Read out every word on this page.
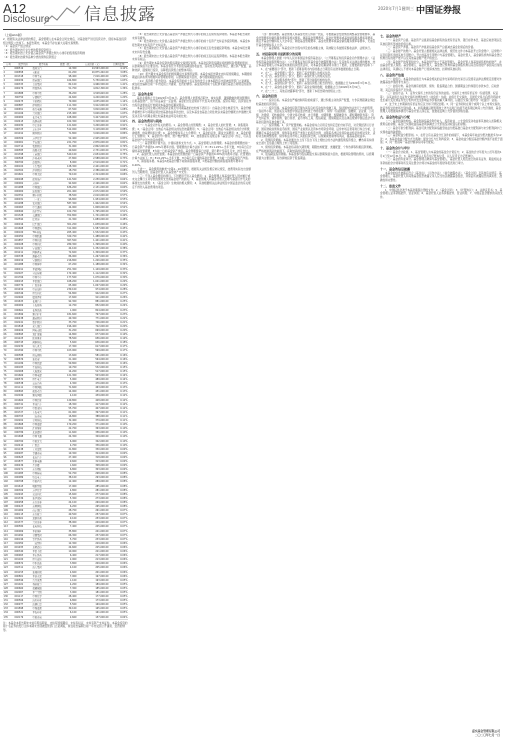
A12
Disclosure 信息披露	2020年7月1日
星期三 中国证券报
（上接A11版）

2、根据有关法律法规的规定，基金管理人在本基金合同生效后，对基金财产进行投资运作，现将本基金投资组合情况公告如下。本报告期内，本基金不存在重大关联交易情形。

（1）基金资产组合情况

（2）报告期末按行业分类的股票投资组合

（3）报告期末按公允价值占基金资产净值比例大小排序的股票投资明细

（4）报告期末按债券品种分类的债券投资组合

序号	股票代码	股票名称	数量（股）	公允价值（元）	占净值比例
1	600519	贵州茅台	12,300	14,563,200.00	4.12%
2	000858	五粮液	61,200	10,875,240.00	3.08%
3	601318	中国平安	98,400	7,016,400.00	1.99%
4	600036	招商银行	164,800	5,750,000.00	1.63%
5	000333	美的集团	82,100	4,966,500.00	1.41%
6	600276	恒瑞医药	51,700	4,812,300.00	1.36%
7	601888	中国中免	36,200	4,528,620.00	1.28%
8	300750	宁德时代	24,600	4,240,000.00	1.20%
9	002475	立讯精密	79,900	4,035,000.00	1.14%
10	600887	伊利股份	111,300	3,912,000.00	1.11%
11	000651	格力电器	67,500	3,810,000.00	1.08%
12	601166	兴业银行	215,400	3,626,000.00	1.03%
13	600900	长江电力	168,900	3,427,000.00	0.97%
14	002415	海康威视	102,300	3,318,500.00	0.94%
15	600030	中信证券	121,600	3,200,600.00	0.91%
16	000725	京东方A	512,000	3,118,000.00	0.88%
17	601012	隆基股份	71,800	3,026,000.00	0.86%
18	600309	万华化学	52,400	2,945,000.00	0.83%
19	000001	平安银行	221,700	2,876,000.00	0.81%
20	002714	牧原股份	31,900	2,802,000.00	0.79%
21	600585	海螺水泥	49,600	2,731,000.00	0.77%
22	601398	工商银行	540,100	2,654,000.00	0.75%
23	000568	泸州老窖	27,800	2,588,000.00	0.73%
24	300760	迈瑞医疗	8,900	2,519,000.00	0.71%
25	600104	上汽集团	128,300	2,441,000.00	0.69%
26	002304	洋河股份	18,700	2,386,000.00	0.68%
27	601601	中国太保	79,100	2,314,000.00	0.66%
28	600048	保利地产	141,500	2,250,000.00	0.64%
29	000002	万科A	92,600	2,196,000.00	0.62%
30	601988	中国银行	636,200	2,131,000.00	0.60%
31	600000	浦发银行	201,400	2,072,000.00	0.59%
32	002352	顺丰控股	38,500	2,010,000.00	0.57%
33	600031	三一重工	96,800	1,954,000.00	0.55%
34	601288	农业银行	587,300	1,902,000.00	0.54%
35	000063	中兴通讯	44,900	1,848,000.00	0.52%
36	600690	海尔智家	102,700	1,795,000.00	0.51%
37	601328	交通银行	352,800	1,741,000.00	0.49%
38	002594	比亚迪	21,300	1,689,000.00	0.48%
39	600016	民生银行	301,200	1,638,000.00	0.46%
40	601668	中国建筑	311,900	1,587,000.00	0.45%
41	000100	TCL科技	265,400	1,532,000.00	0.43%
42	600050	中国联通	329,700	1,488,000.00	0.42%
43	601857	中国石油	367,500	1,441,000.00	0.41%
44	600028	中国石化	289,300	1,398,000.00	0.40%
45	002142	宁波银行	44,100	1,352,000.00	0.38%
46	601211	国泰君安	72,600	1,309,000.00	0.37%
47	000338	潍柴动力	86,900	1,267,000.00	0.36%
48	600019	宝钢股份	216,800	1,226,000.00	0.35%
49	601088	中国神华	67,200	1,188,000.00	0.34%
50	600011	华能国际	251,300	1,149,000.00	0.33%
51	002027	分众传媒	172,400	1,112,000.00	0.32%
52	601766	中国中车	177,500	1,076,000.00	0.30%
53	600015	华夏银行	168,200	1,041,000.00	0.29%
54	000776	广发证券	65,900	1,007,000.00	0.29%
55	601919	中远海控	239,100	974,000.00	0.28%
56	600346	恒力石化	54,800	942,000.00	0.27%
57	002460	赣锋锂业	17,600	911,000.00	0.26%
58	601633	长城汽车	92,300	881,000.00	0.25%
59	600009	上海机场	12,700	852,000.00	0.24%
60	000661	长春高新	1,900	824,000.00	0.23%
61	601899	紫金矿业	181,600	797,000.00	0.23%
62	600438	通威股份	49,300	771,000.00	0.22%
63	002241	歌尔股份	33,700	746,000.00	0.21%
64	601818	光大银行	196,400	722,000.00	0.20%
65	600406	国电南瑞	31,200	699,000.00	0.20%
66	000895	双汇发展	14,800	677,000.00	0.19%
67	601225	陕西煤业	78,500	656,000.00	0.19%
68	600745	闻泰科技	5,600	636,000.00	0.18%
69	002230	科大讯飞	17,300	617,000.00	0.17%
70	601390	中国中铁	103,900	599,000.00	0.17%
71	600588	用友网络	13,600	581,000.00	0.16%
72	000876	新希望	21,400	564,000.00	0.16%
73	601186	中国铁建	59,800	548,000.00	0.16%
74	600183	生益科技	19,700	532,000.00	0.15%
75	002008	大族激光	14,200	517,000.00	0.15%
76	601669	中国电建	121,300	503,000.00	0.14%
77	600570	恒生电子	5,900	489,000.00	0.14%
78	000538	云南白药	4,300	476,000.00	0.13%
79	601111	中国国航	71,600	463,000.00	0.13%
80	600893	航发动力	14,900	451,000.00	0.13%
81	002049	紫光国微	4,100	439,000.00	0.12%
82	601600	中国铝业	129,800	428,000.00	0.12%
83	600741	华域汽车	18,300	417,000.00	0.12%
84	000157	中联重科	55,700	407,000.00	0.12%
85	601727	上海电气	61,900	397,000.00	0.11%
86	600703	三安光电	16,800	388,000.00	0.11%
87	002202	金风科技	32,400	379,000.00	0.11%
88	601868	中国能建	179,200	371,000.00	0.10%
89	600362	江西铜业	22,700	363,000.00	0.10%
90	000786	北新建材	11,600	356,000.00	0.10%
91	601698	中国卫通	24,300	349,000.00	0.10%
92	600760	中航沈飞	6,900	342,000.00	0.10%
93	002410	广联达	4,700	336,000.00	0.10%
94	601138	工业富联	21,800	330,000.00	0.09%
95	600487	亨通光电	19,300	324,000.00	0.09%
96	000625	长安汽车	27,400	318,000.00	0.09%
97	601877	正泰电器	9,600	313,000.00	0.09%
98	600436	片仔癀	1,600	308,000.00	0.09%
99	002271	东方雨虹	6,800	303,000.00	0.09%
100	601985	中国核电	52,700	298,000.00	0.08%
101	600089	特变电工	38,100	293,000.00	0.08%
102	000768	中航西飞	12,400	289,000.00	0.08%
103	601615	明阳智能	17,900	285,000.00	0.08%
104	600309	万华化学	4,800	281,000.00	0.08%
105	002493	荣盛石化	15,600	277,000.00	0.08%
106	601336	新华保险	5,300	273,000.00	0.08%
107	600958	东方证券	24,100	269,000.00	0.08%
108	000423	东阿阿胶	6,200	265,000.00	0.08%
109	601009	南京银行	28,700	261,000.00	0.07%
110	600115	东方航空	49,500	257,000.00	0.07%
111	002601	龙蟒佰利	9,100	253,000.00	0.07%
112	601377	兴业证券	38,900	249,000.00	0.07%
113	600584	长电科技	7,400	245,000.00	0.07%
114	000069	华侨城A	35,800	241,000.00	0.07%
115	601992	金隅集团	66,300	237,000.00	0.07%
116	600196	复星医药	5,700	233,000.00	0.07%
117	002050	三花智控	12,300	229,000.00	0.06%
118	601933	永辉超市	24,600	225,000.00	0.06%
119	600340	华夏幸福	10,900	221,000.00	0.06%
120	000963	华东医药	6,400	217,000.00	0.06%
121	601100	恒立液压	2,900	213,000.00	0.06%
122	600872	中炬高新	3,800	209,000.00	0.06%
123	002311	海大集团	4,100	205,000.00	0.06%
124	601155	新城控股	4,600	201,000.00	0.06%
125	600801	华新水泥	7,900	197,000.00	0.06%
126	000596	古井贡酒	1,100	193,000.00	0.05%
127	601021	春秋航空	4,200	189,000.00	0.05%
128	600660	福耀玻璃	7,300	185,000.00	0.05%
129	002007	华兰生物	3,900	181,000.00	0.05%
130	601117	中国化学	28,400	177,000.00	0.05%
131	600566	济川药业	6,800	173,000.00	0.05%
132	000977	浪潮信息	5,500	169,000.00	0.05%
133	601898	中煤能源	39,100	165,000.00	0.05%
134	600521	华海药业	6,100	161,000.00	0.05%
135	002179	中航光电	2,600	157,000.00	0.04%
注：本基金本报告期末未持有股指期货，未持有国债期货，未持有权证，未持有资产支持证券。本基金投资的前十名证券的发行主体本期未出现被监管部门立案调查，或在报告编制日前一年内受到公开谴责、处罚的情形。

（5）报告期末按公允价值占基金资产净值比例大小排序的前五名债券投资明细。本基金本报告期末未持有债券。

（6）报告期末按公允价值占基金资产净值比例大小排序的前十名资产支持证券投资明细。本基金本报告期末未持有资产支持证券。

（7）报告期末按公允价值占基金资产净值比例大小排序的前五名贵金属投资明细。本基金本报告期末未持有贵金属。

（8）报告期末按公允价值占基金资产净值比例大小排序的前五名权证投资明细。本基金本报告期末未持有权证。

（9）报告期末本基金投资的股指期货交易情况说明。本基金投资股指期货将根据风险管理的原则，以套期保值为主要目的。本基金将充分考虑股指期货的收益性、流动性及风险性特征，通过资产配置、品种选择，谨慎进行投资，以降低投资组合的整体风险。

（10）报告期末本基金投资的国债期货交易情况说明。本基金本报告期末未持有国债期货，本期国债期货投资政策为根据风险管理的原则，以套期保值为目的，参与国债期货的投资。

（11）投资组合报告附注。本基金投资的前十名证券的发行主体本期没有出现被监管部门立案调查，或在报告编制日前一年内受到公开谴责、处罚的情形。基金投资的前十名股票未超出基金合同规定的备选股票库。

三、基金的业绩

基金业绩截止日为2020年3月31日。基金管理人依照恪尽职守、诚实信用、谨慎勤勉的原则管理和运用基金财产，但不保证基金一定盈利。基金的过往业绩并不代表其未来表现。投资有风险，投资者在作出投资决策前应仔细阅读本基金的招募说明书。

本基金合同生效以来的投资业绩及与同期基准的比较如下表所示：自基金合同生效起至今，基金份额净值增长率与同期业绩比较基准收益率的比较，以及本基金自基金合同生效以来基金份额累计净值增长率变动及其与同期业绩比较基准收益率变动的比较。

四、基金的费用与税收

（一）与基金运作有关的费用。1、基金管理人的管理费；2、基金托管人的托管费；3、销售服务费；4、《基金合同》生效后与基金相关的信息披露费用；5、《基金合同》生效后与基金相关的会计师费、律师费、仲裁费和诉讼费；6、基金份额持有人大会费用；7、基金的证券、期货交易费用；8、基金的银行汇划费用；9、基金的开户费用、账户维护费用；10、按照国家有关规定和《基金合同》约定，可以在基金财产中列支的其他费用。

（二）基金费用计提方法、计提标准和支付方式。1、基金管理人的管理费。本基金的管理费按前一日基金资产净值的1.20%年费率计提。管理费的计算方法如下：H＝E×1.20%÷当年天数，H为每日应计提的基金管理费，E为前一日的基金资产净值。基金管理费每日计提，逐日累计至每月月末，按月支付。

2、基金托管人的托管费。本基金的托管费按前一日基金资产净值的0.20%的年费率计提。托管费的计算方法如下：H＝E×0.20%÷当年天数，H为每日应计提的基金托管费，E为前一日的基金资产净值。

3、销售服务费。本基金A类基金份额不收取销售服务费，C类基金份额的销售服务费年费率为0.40%。

上述“一、基金费用的种类”中第4－10项费用，根据有关法规及相应协议规定，按费用实际支出金额列入当期费用，由基金托管人从基金财产中支付。

（三）不列入基金费用的项目。下列费用不列入基金费用：1、基金管理人和基金托管人因未履行或未完全履行义务导致的费用支出或基金财产的损失；2、基金管理人和基金托管人处理与基金运作无关的事项发生的费用；3、《基金合同》生效前的相关费用；4、其他根据相关法律法规及中国证监会的有关规定不得列入基金费用的项目。

（四）费用调整。基金管理人和基金托管人协商一致后，可根据基金发展情况调整基金管理费率、基金托管费率和销售服务费率等相关费率。调高基金管理费率、基金托管费率或基金销售服务费率等费率，须召开基金份额持有人大会审议；调低基金管理费率、基金托管费率或基金销售服务费率等费率，无须召开基金份额持有人大会。

（五）基金税收。本基金运作过程中涉及的各纳税主体，其纳税义务按国家税收法律、法规执行。

五、对招募说明书更新部分的说明

本基金管理人依据《中华人民共和国证券投资基金法》、《公开募集证券投资基金运作管理办法》、《证券投资基金销售管理办法》、《公开募集证券投资基金信息披露管理办法》及其他有关法律法规的要求，结合本基金管理人对本基金实施的投资经营活动，对本基金招募说明书进行了更新，主要更新的内容如下：

1、在“重要提示”部分，更新了招募说明书内容的截止日期及有关财务数据的截止日期。

2、在“三、基金管理人”部分，更新了基金管理人的相关信息。

3、在“四、基金托管人”部分，更新了基金托管人的相关信息。

4、在“五、相关服务机构”部分，更新了部分销售机构的信息。

5、在“九、基金的投资”部分，更新了基金投资组合报告的内容，数据截止日为2020年3月31日。

6、在“十、基金的业绩”部分，更新了基金业绩的数据，数据截止日为2020年3月31日。

7、在“二十二、其他应披露事项”部分，更新了本报告期内的相关公告。

六、基金的投资

（一）投资目标。本基金在严格控制风险的前提下，通过积极主动的资产配置，力争获得超越业绩比较基准的投资回报。

（二）投资范围。本基金的投资范围为具有良好流动性的金融工具，包括国内依法发行上市的股票（包括中小板、创业板及其他经中国证监会核准上市的股票）、债券（包括国债、金融债、企业债、公司债、次级债、可转换债券、分离交易可转债、央行票据、中期票据、短期融资券、超短期融资券等）、资产支持证券、债券回购、银行存款、货币市场工具、股指期货、国债期货以及法律法规或中国证监会允许基金投资的其他金融工具。

（三）投资策略。1、资产配置策略。本基金将综合运用定性和定量的分析手段，对宏观经济运行状况、国家财政政策和货币政策、国家产业政策以及资本市场资金环境、证券市场走势等进行综合分析，合理确定本基金在股票、债券等各类资产类别上的投资比例，并随着各类证券风险收益特征的相对变化，适时动态地调整股票、债券和货币市场工具的投资比例，以规避或控制市场风险，提高基金收益率。

2、股票投资策略。本基金通过自上而下及自下而上相结合的方法构建股票投资组合，精选具有持续成长潜力且估值合理的上市公司股票。

3、债券投资策略。本基金将采取久期管理、期限结构配置、类属配置、个券选择等积极投资策略，在严格控制风险的前提下，获取较高的投资收益。

4、股指期货投资策略。本基金参与股指期货交易以套期保值为目的，根据风险管理的原则，以套期保值为主要目的，有选择地投资于股指期货。

七、基金的财产

（一）基金资产总值。基金资产总值是指基金拥有的各类有价证券、银行存款本息、基金应收款项以及其他投资所形成的价值总和。

（二）基金资产净值。基金资产净值是指基金资产总值减去基金负债后的价值。

（三）基金财产的账户。基金托管人根据相关法律法规、规范性文件为本基金开立资金账户、证券账户以及投资所需的其他专用账户。开立的基金专用账户与基金管理人、基金托管人、基金销售机构和基金登记机构自有的财产账户以及其他基金财产账户相独立。

（四）基金财产的保管和处分。本基金财产独立于基金管理人、基金托管人和基金销售机构的财产，并由基金托管人保管。基金管理人、基金托管人、基金登记机构和基金销售机构以其自有的财产承担其自身的法律责任，其债权人不得对本基金财产行使请求冻结、扣押或其他权利。

八、基金资产估值

（一）估值日。本基金的估值日为本基金相关的证券交易场所的交易日以及国家法律法规规定需要对外披露基金净值的非交易日。

（二）估值对象。基金所拥有的股票、债券、股指期货合约、国债期货合约和银行存款本息、应收款项、其它投资等资产及负债。

（三）估值方法。1、证券交易所上市的有价证券的估值。交易所上市的有价证券（包括股票、权证等），以其估值日在证券交易所挂牌的市价（收盘价）估值；估值日无交易的，且最近交易日后经济环境未发生重大变化或证券发行机构未发生影响证券价格的重大事件的，以最近交易日的市价（收盘价）估值。

2、处于未上市期间的有价证券应区分如下情况处理。3、同一证券同时在两个或两个以上市场交易的，按证券所处的市场分别估值。4、如有确凿证据表明按上述方法进行估值不能客观反映其公允价值的，基金管理人可根据具体情况与基金托管人商定后，按最能反映公允价值的价格估值。

九、基金的收益与分配

（一）基金利润的构成。基金利润指基金利息收入、投资收益、公允价值变动收益和其他收入扣除相关费用后的余额，基金已实现收益指基金利润减去公允价值变动收益后的余额。

（二）基金可供分配利润。基金可供分配利润指截至收益分配基准日基金未分配利润与未分配利润中已实现收益的孰低数。

（三）基金收益分配原则。1、在符合有关基金分红条件的前提下，本基金每年收益分配次数最多为12次；2、本基金收益分配方式分两种：现金分红与红利再投资；3、基金收益分配后基金份额净值不能低于面值；4、同一类别每一基金份额享有同等分配权。

十、基金的会计与审计

（一）基金会计政策。1、基金管理人为本基金的基金会计责任方；2、基金的会计年度为公历年度的1月1日至12月31日；3、基金核算以人民币为记账本位币，以人民币元为记账单位。

（二）基金的年度审计。基金管理人聘请与基金管理人、基金托管人相互独立的具有证券、期货相关业务资格的会计师事务所及其注册会计师对本基金的年度财务报表进行审计。

十一、基金的信息披露

本基金的信息披露应符合《基金法》、《运作办法》、《信息披露办法》、《基金合同》及其他有关规定。基金管理人、基金托管人和其他基金信息披露义务人应当依法披露基金信息，并保证所披露信息的真实性、准确性和完整性。

十二、备查文件

1、中国证监会准予本基金募集注册的文件；2、《基金合同》；3、《托管协议》；4、法律意见书；5、基金管理人业务资格批件、营业执照；6、基金托管人业务资格批件、营业执照；7、中国证监会要求的其他文件。

嘉实基金管理有限公司
二〇二〇年七月一日
